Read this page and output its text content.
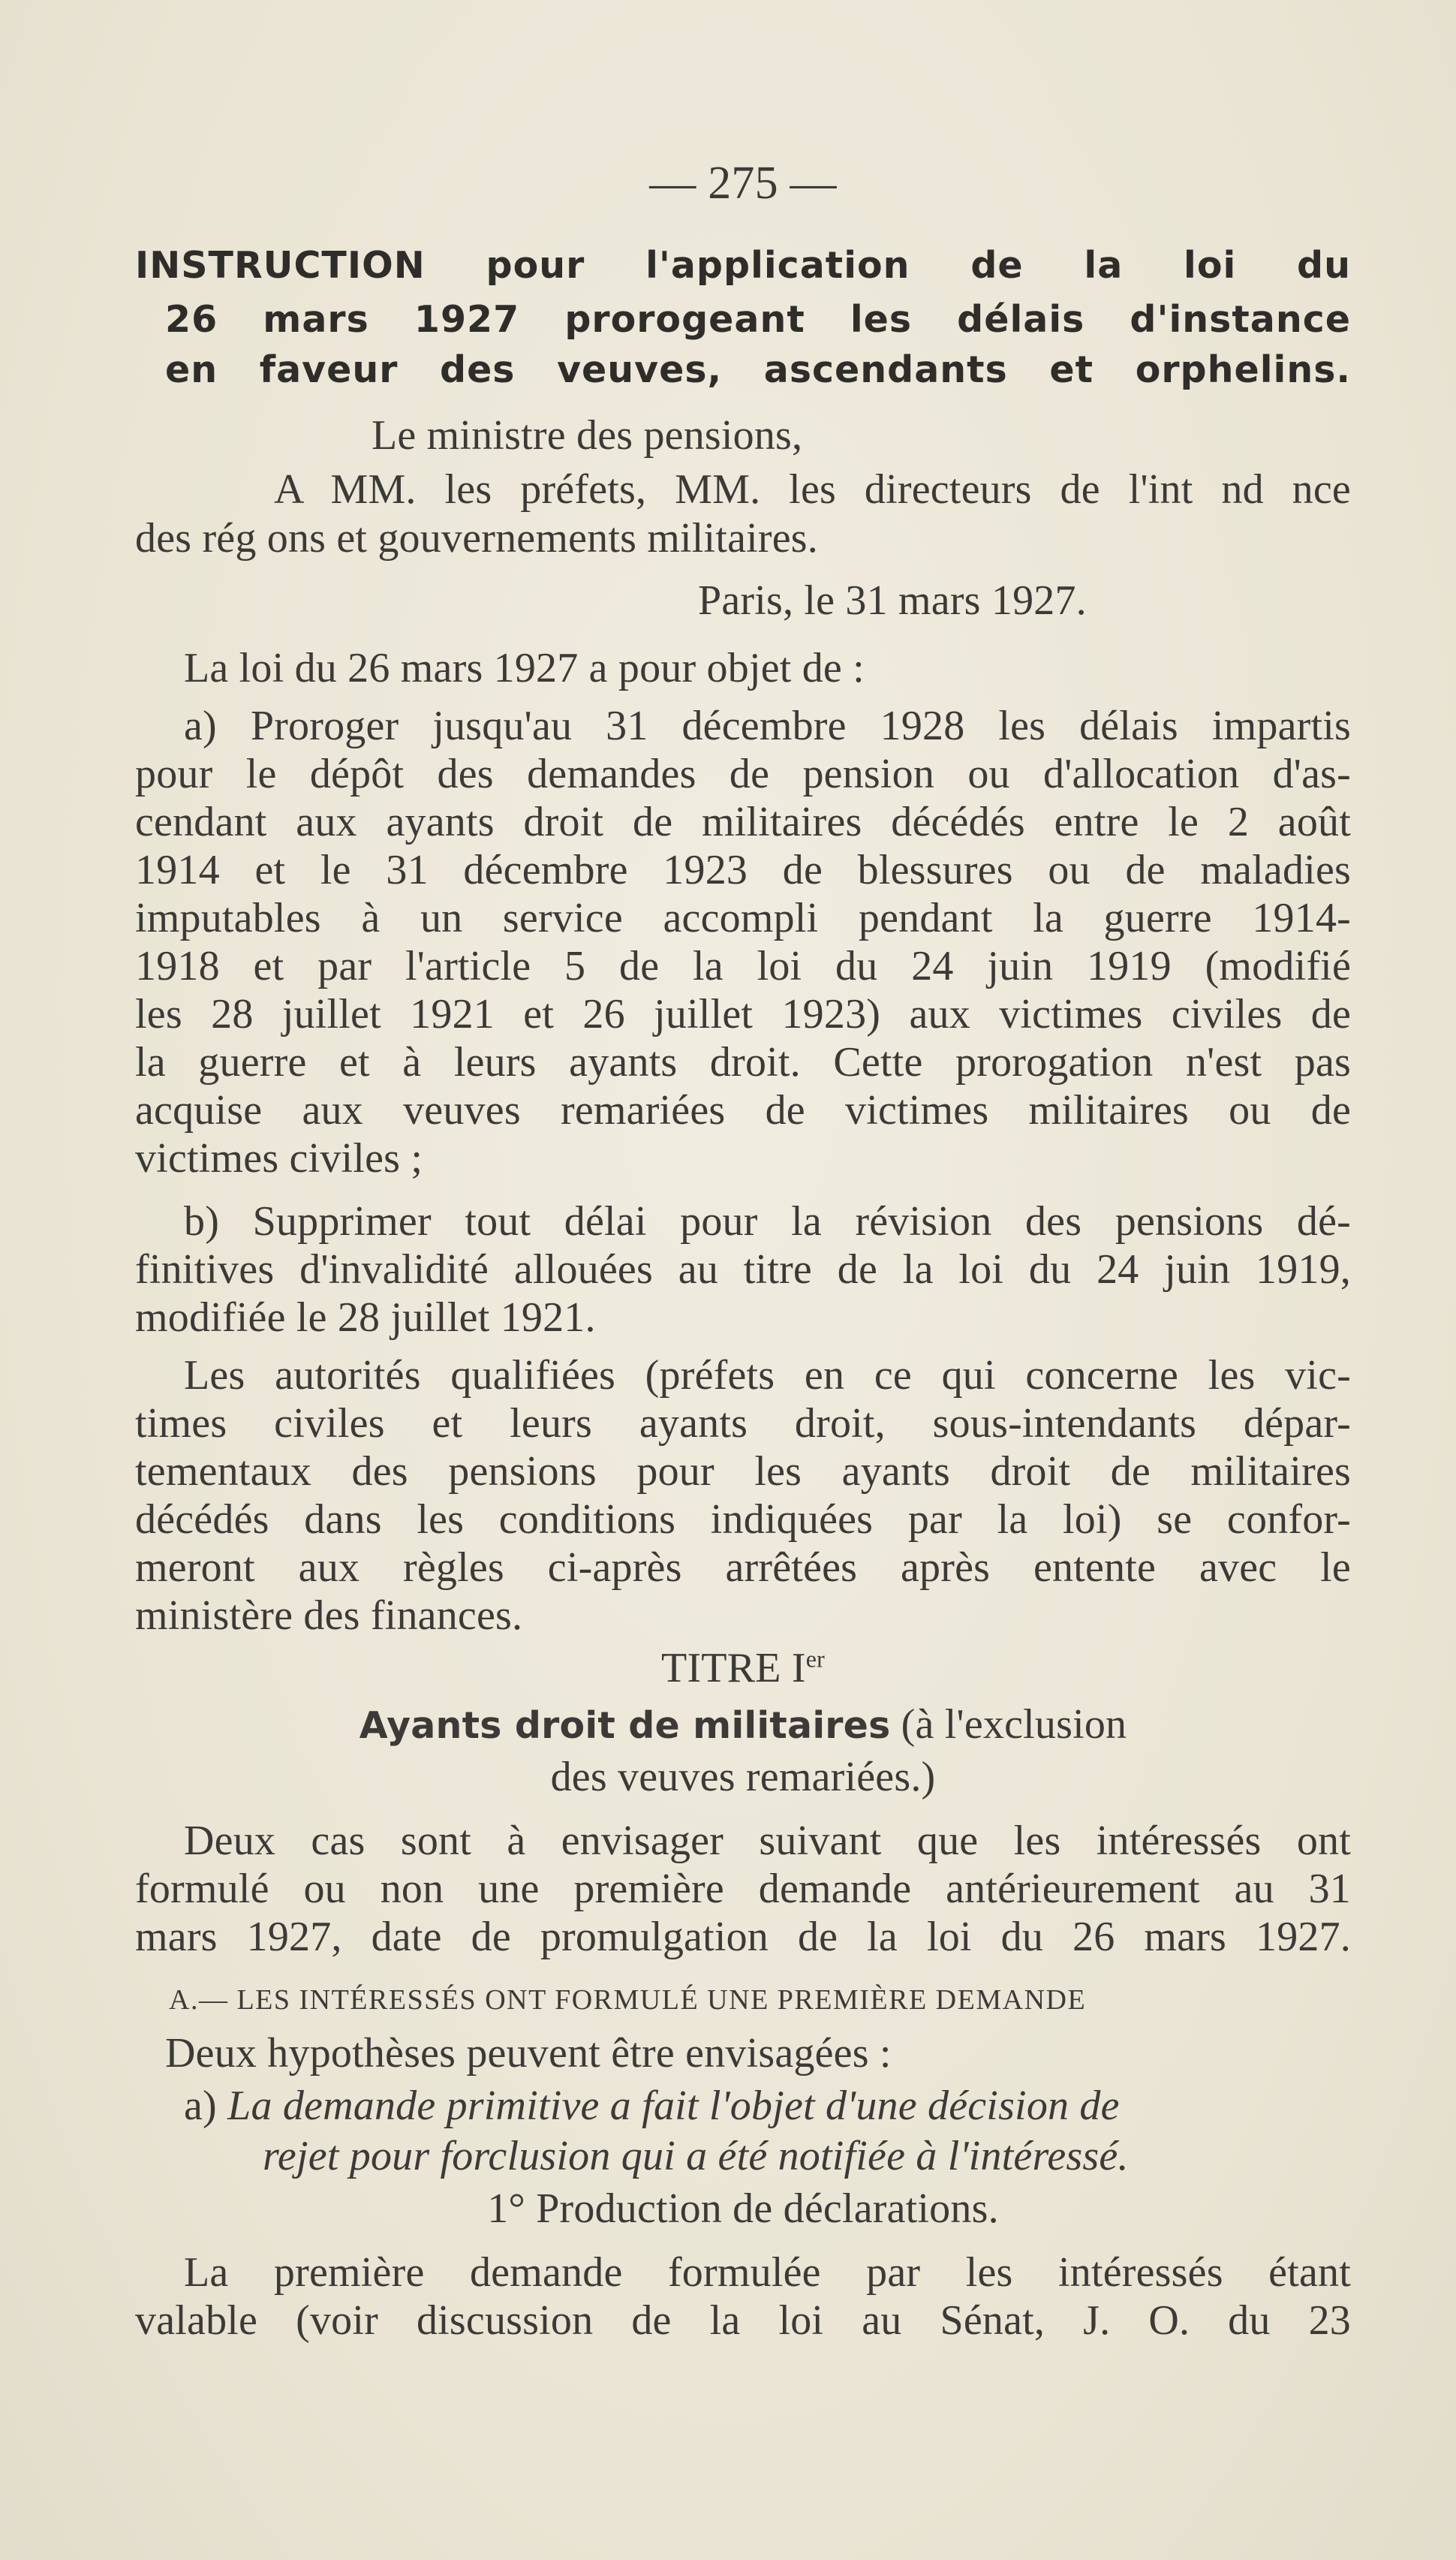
— 275 —
INSTRUCTION pour l'application de la loi du
26 mars 1927 prorogeant les délais d'instance
en faveur des veuves, ascendants et orphelins.
Le ministre des pensions,
A MM. les préfets, MM. les directeurs de l'int nd nce
des rég ons et gouvernements militaires.
Paris, le 31 mars 1927.
La loi du 26 mars 1927 a pour objet de :
a) Proroger jusqu'au 31 décembre 1928 les délais impartis
pour le dépôt des demandes de pension ou d'allocation d'as-
cendant aux ayants droit de militaires décédés entre le 2 août
1914 et le 31 décembre 1923 de blessures ou de maladies
imputables à un service accompli pendant la guerre 1914-
1918 et par l'article 5 de la loi du 24 juin 1919 (modifié
les 28 juillet 1921 et 26 juillet 1923) aux victimes civiles de
la guerre et à leurs ayants droit. Cette prorogation n'est pas
acquise aux veuves remariées de victimes militaires ou de
victimes civiles ;
b) Supprimer tout délai pour la révision des pensions dé-
finitives d'invalidité allouées au titre de la loi du 24 juin 1919,
modifiée le 28 juillet 1921.
Les autorités qualifiées (préfets en ce qui concerne les vic-
times civiles et leurs ayants droit, sous-intendants dépar-
tementaux des pensions pour les ayants droit de militaires
décédés dans les conditions indiquées par la loi) se confor-
meront aux règles ci-après arrêtées après entente avec le
ministère des finances.
TITRE Ier
Ayants droit de militaires (à l'exclusion
des veuves remariées.)
Deux cas sont à envisager suivant que les intéressés ont
formulé ou non une première demande antérieurement au 31
mars 1927, date de promulgation de la loi du 26 mars 1927.
A.— LES INTÉRESSÉS ONT FORMULÉ UNE PREMIÈRE DEMANDE
Deux hypothèses peuvent être envisagées :
a) La demande primitive a fait l'objet d'une décision de
rejet pour forclusion qui a été notifiée à l'intéressé.
1° Production de déclarations.
La première demande formulée par les intéressés étant
valable (voir discussion de la loi au Sénat, J. O. du 23
